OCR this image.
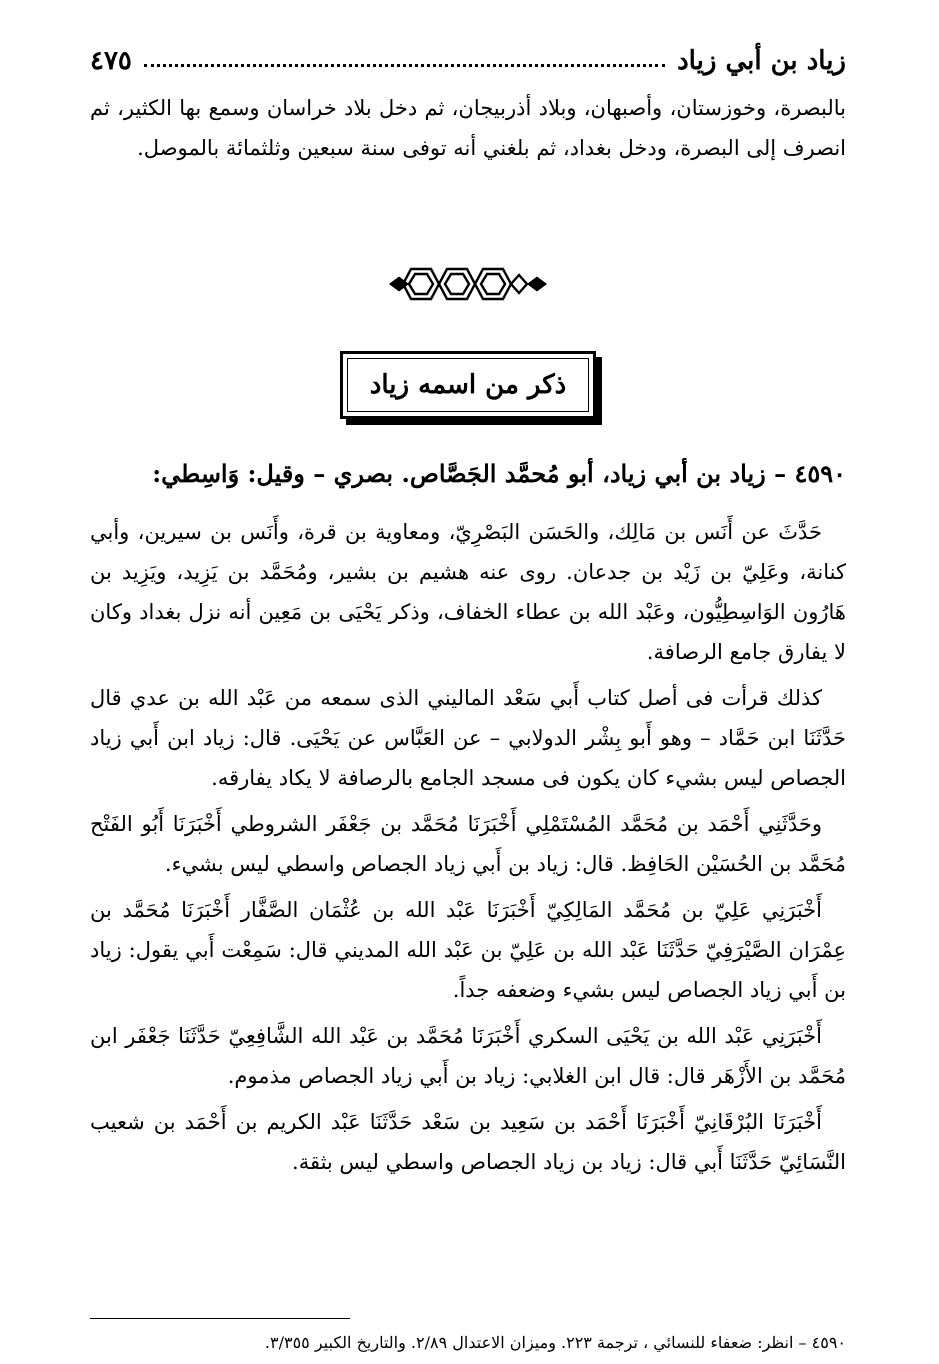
زياد بن أبي زياد
٤٧٥

بالبصرة، وخوزستان، وأصبهان، وبلاد أذربيجان، ثم دخل بلاد خراسان وسمع بها الكثير، ثم انصرف إلى البصرة، ودخل بغداد، ثم بلغني أنه توفى سنة سبعين وثلثمائة بالموصل.

ذكر من اسمه زياد
٤٥٩٠ – زياد بن أبي زياد، أبو مُحمَّد الجَصَّاص. بصري – وقيل: وَاسِطي:

حَدَّثَ عن أَنَس بن مَالِك، والحَسَن البَصْرِيّ، ومعاوية بن قرة، وأَنَس بن سيرين، وأبي كنانة، وعَلِيّ بن زَيْد بن جدعان. روى عنه هشيم بن بشير، ومُحَمَّد بن يَزِيد، ويَزِيد بن هَارُون الوَاسِطِيُّون، وعَبْد الله بن عطاء الخفاف، وذكر يَحْيَى بن مَعِين أنه نزل بغداد وكان لا يفارق جامع الرصافة.

كذلك قرأت فى أصل كتاب أَبي سَعْد الماليني الذى سمعه من عَبْد الله بن عدي قال حَدَّثَنَا ابن حَمَّاد – وهو أَبو بِشْر الدولابي – عن العَبَّاس عن يَحْيَى. قال: زياد ابن أَبي زياد الجصاص ليس بشيء كان يكون فى مسجد الجامع بالرصافة لا يكاد يفارقه.

وحَدَّثَنِي أَحْمَد بن مُحَمَّد المُسْتَمْلِي أَخْبَرَنَا مُحَمَّد بن جَعْفَر الشروطي أَخْبَرَنَا أَبُو الفَتْح مُحَمَّد بن الحُسَيْن الحَافِظ. قال: زياد بن أَبي زياد الجصاص واسطي ليس بشيء.

أَخْبَرَنِي عَلِيّ بن مُحَمَّد المَالِكِيّ أَخْبَرَنَا عَبْد الله بن عُثْمَان الصَّفَّار أَخْبَرَنَا مُحَمَّد بن عِمْرَان الصَّيْرَفِيّ حَدَّثَنَا عَبْد الله بن عَلِيّ بن عَبْد الله المديني قال: سَمِعْت أَبي يقول: زياد بن أَبي زياد الجصاص ليس بشيء وضعفه جداً.

أَخْبَرَنِي عَبْد الله بن يَحْيَى السكري أَخْبَرَنَا مُحَمَّد بن عَبْد الله الشَّافِعِيّ حَدَّثَنَا جَعْفَر ابن مُحَمَّد بن الأَزْهَر قال: قال ابن الغلابي: زياد بن أَبي زياد الجصاص مذموم.

أَخْبَرَنَا البُرْقَانِيّ أَخْبَرَنَا أَحْمَد بن سَعِيد بن سَعْد حَدَّثَنَا عَبْد الكريم بن أَحْمَد بن شعيب النَّسَائِيّ حَدَّثَنَا أَبي قال: زياد بن زياد الجصاص واسطي ليس بثقة.

٤٥٩٠ – انظر: ضعفاء للنسائي ، ترجمة ٢٢٣. وميزان الاعتدال ٢/٨٩. والتاريخ الكبير ٣/٣٥٥.
